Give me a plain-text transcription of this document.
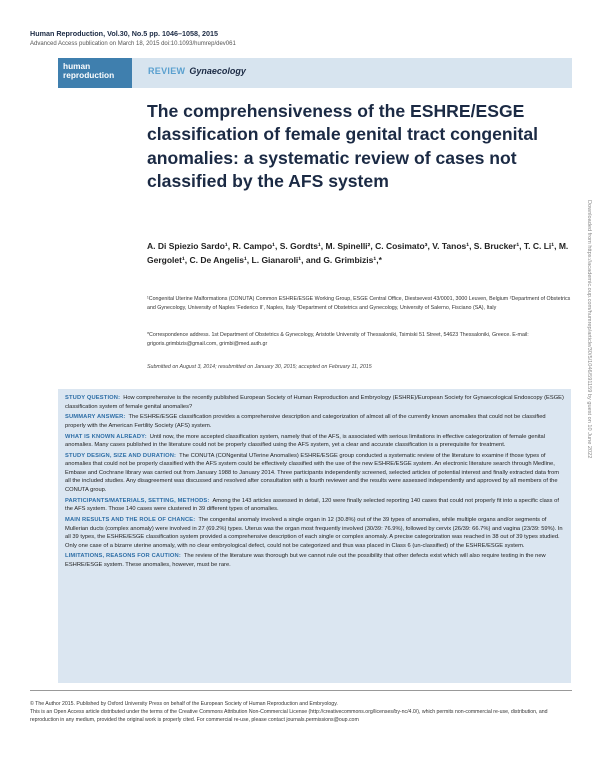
Human Reproduction, Vol.30, No.5 pp. 1046–1058, 2015
Advanced Access publication on March 18, 2015 doi:10.1093/humrep/dev061
human
reproduction	REVIEW Gynaecology
The comprehensiveness of the ESHRE/ESGE classification of female genital tract congenital anomalies: a systematic review of cases not classified by the AFS system
A. Di Spiezio Sardo¹, R. Campo¹, S. Gordts¹, M. Spinelli², C. Cosimato³, V. Tanos¹, S. Brucker¹, T. C. Li¹, M. Gergolet¹, C. De Angelis¹, L. Gianaroli¹, and G. Grimbizis¹,*
¹Congenital Uterine Malformations (CONUTA) Common ESHRE/ESGE Working Group, ESGE Central Office, Diestsevest 43/0001, 3000 Leuven, Belgium ²Department of Obstetrics and Gynecology, University of Naples 'Federico II', Naples, Italy ³Department of Obstetrics and Gynecology, University of Salerno, Fisciano (SA), Italy
*Correspondence address. 1st Department of Obstetrics & Gynecology, Aristotle University of Thessaloniki, Tsimiski 51 Street, 54623 Thessaloniki, Greece. E-mail: grigoris.grimbizis@gmail.com, grimbi@med.auth.gr
Submitted on August 3, 2014; resubmitted on January 30, 2015; accepted on February 11, 2015

STUDY QUESTION: How comprehensive is the recently published European Society of Human Reproduction and Embryology (ESHRE)/European Society for Gynaecological Endoscopy (ESGE) classification system of female genital anomalies?

SUMMARY ANSWER: The ESHRE/ESGE classification provides a comprehensive description and categorization of almost all of the currently known anomalies that could not be classified properly with the American Fertility Society (AFS) system.

WHAT IS KNOWN ALREADY: Until now, the more accepted classification system, namely that of the AFS, is associated with serious limitations in effective categorization of female genital anomalies. Many cases published in the literature could not be properly classified using the AFS system, yet a clear and accurate classification is a prerequisite for treatment.

STUDY DESIGN, SIZE AND DURATION: The CONUTA (CONgenital UTerine Anomalies) ESHRE/ESGE group conducted a systematic review of the literature to examine if those types of anomalies that could not be properly classified with the AFS system could be effectively classified with the use of the new ESHRE/ESGE system. An electronic literature search through Medline, Embase and Cochrane library was carried out from January 1988 to January 2014. Three participants independently screened, selected articles of potential interest and finally extracted data from all the included studies. Any disagreement was discussed and resolved after consultation with a fourth reviewer and the results were assessed independently and approved by all members of the CONUTA group.

PARTICIPANTS/MATERIALS, SETTING, METHODS: Among the 143 articles assessed in detail, 120 were finally selected reporting 140 cases that could not properly fit into a specific class of the AFS system. Those 140 cases were clustered in 39 different types of anomalies.

MAIN RESULTS AND THE ROLE OF CHANCE: The congenital anomaly involved a single organ in 12 (30.8%) out of the 39 types of anomalies, while multiple organs and/or segments of Mullerian ducts (complex anomaly) were involved in 27 (69.2%) types. Uterus was the organ most frequently involved (30/39: 76.9%), followed by cervix (26/39: 66.7%) and vagina (23/39: 59%). In all 39 types, the ESHRE/ESGE classification system provided a comprehensive description of each single or complex anomaly. A precise categorization was reached in 38 out of 39 types studied. Only one case of a bizarre uterine anomaly, with no clear embryological defect, could not be categorized and thus was placed in Class 6 (un-classified) of the ESHRE/ESGE system.

LIMITATIONS, REASONS FOR CAUTION: The review of the literature was thorough but we cannot rule out the possibility that other defects exist which will also require testing in the new ESHRE/ESGE system. These anomalies, however, must be rare.

© The Author 2015. Published by Oxford University Press on behalf of the European Society of Human Reproduction and Embryology.

This is an Open Access article distributed under the terms of the Creative Commons Attribution Non-Commercial License (http://creativecommons.org/licenses/by-nc/4.0/), which permits non-commercial re-use, distribution, and reproduction in any medium, provided the original work is properly cited. For commercial re-use, please contact journals.permissions@oup.com

Downloaded from https://academic.oup.com/humrep/article/30/5/1046/591159 by guest on 10 June 2022
